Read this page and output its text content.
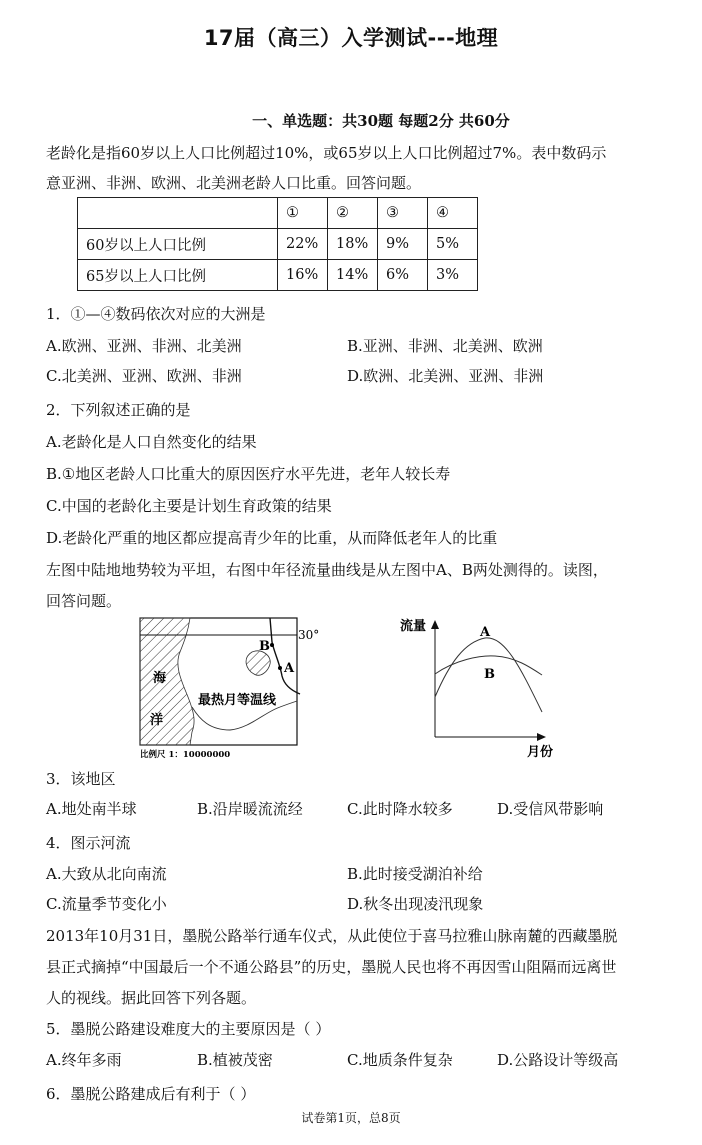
17届（高三）入学测试---地理
一、单选题：共30题 每题2分 共60分
老龄化是指60岁以上人口比例超过10%，或65岁以上人口比例超过7%。表中数码示
意亚洲、非洲、欧洲、北美洲老龄人口比重。回答问题。
	①	②	③	④
60岁以上人口比例	22%	18%	9%	5%
65岁以上人口比例	16%	14%	6%	3%
1．①—④数码依次对应的大洲是
A.欧洲、亚洲、非洲、北美洲	B.亚洲、非洲、北美洲、欧洲
C.北美洲、亚洲、欧洲、非洲	D.欧洲、北美洲、亚洲、非洲
2．下列叙述正确的是
A.老龄化是人口自然变化的结果
B.①地区老龄人口比重大的原因医疗水平先进，老年人较长寿
C.中国的老龄化主要是计划生育政策的结果
D.老龄化严重的地区都应提高青少年的比重，从而降低老年人的比重
左图中陆地地势较为平坦，右图中年径流量曲线是从左图中A、B两处测得的。读图，
回答问题。
30°
B
A
最热月等温线
海
洋
比例尺 1：10000000
流量
月份
A
B
3．该地区
A.地处南半球	B.沿岸暖流流经	C.此时降水较多	D.受信风带影响
4．图示河流
A.大致从北向南流	B.此时接受湖泊补给
C.流量季节变化小	D.秋冬出现凌汛现象
2013年10月31日，墨脱公路举行通车仪式，从此使位于喜马拉雅山脉南麓的西藏墨脱
县正式摘掉“中国最后一个不通公路县”的历史，墨脱人民也将不再因雪山阻隔而远离世
人的视线。据此回答下列各题。
5．墨脱公路建设难度大的主要原因是（ ）
A.终年多雨	B.植被茂密	C.地质条件复杂	D.公路设计等级高
6．墨脱公路建成后有利于（ ）
试卷第1页，总8页
